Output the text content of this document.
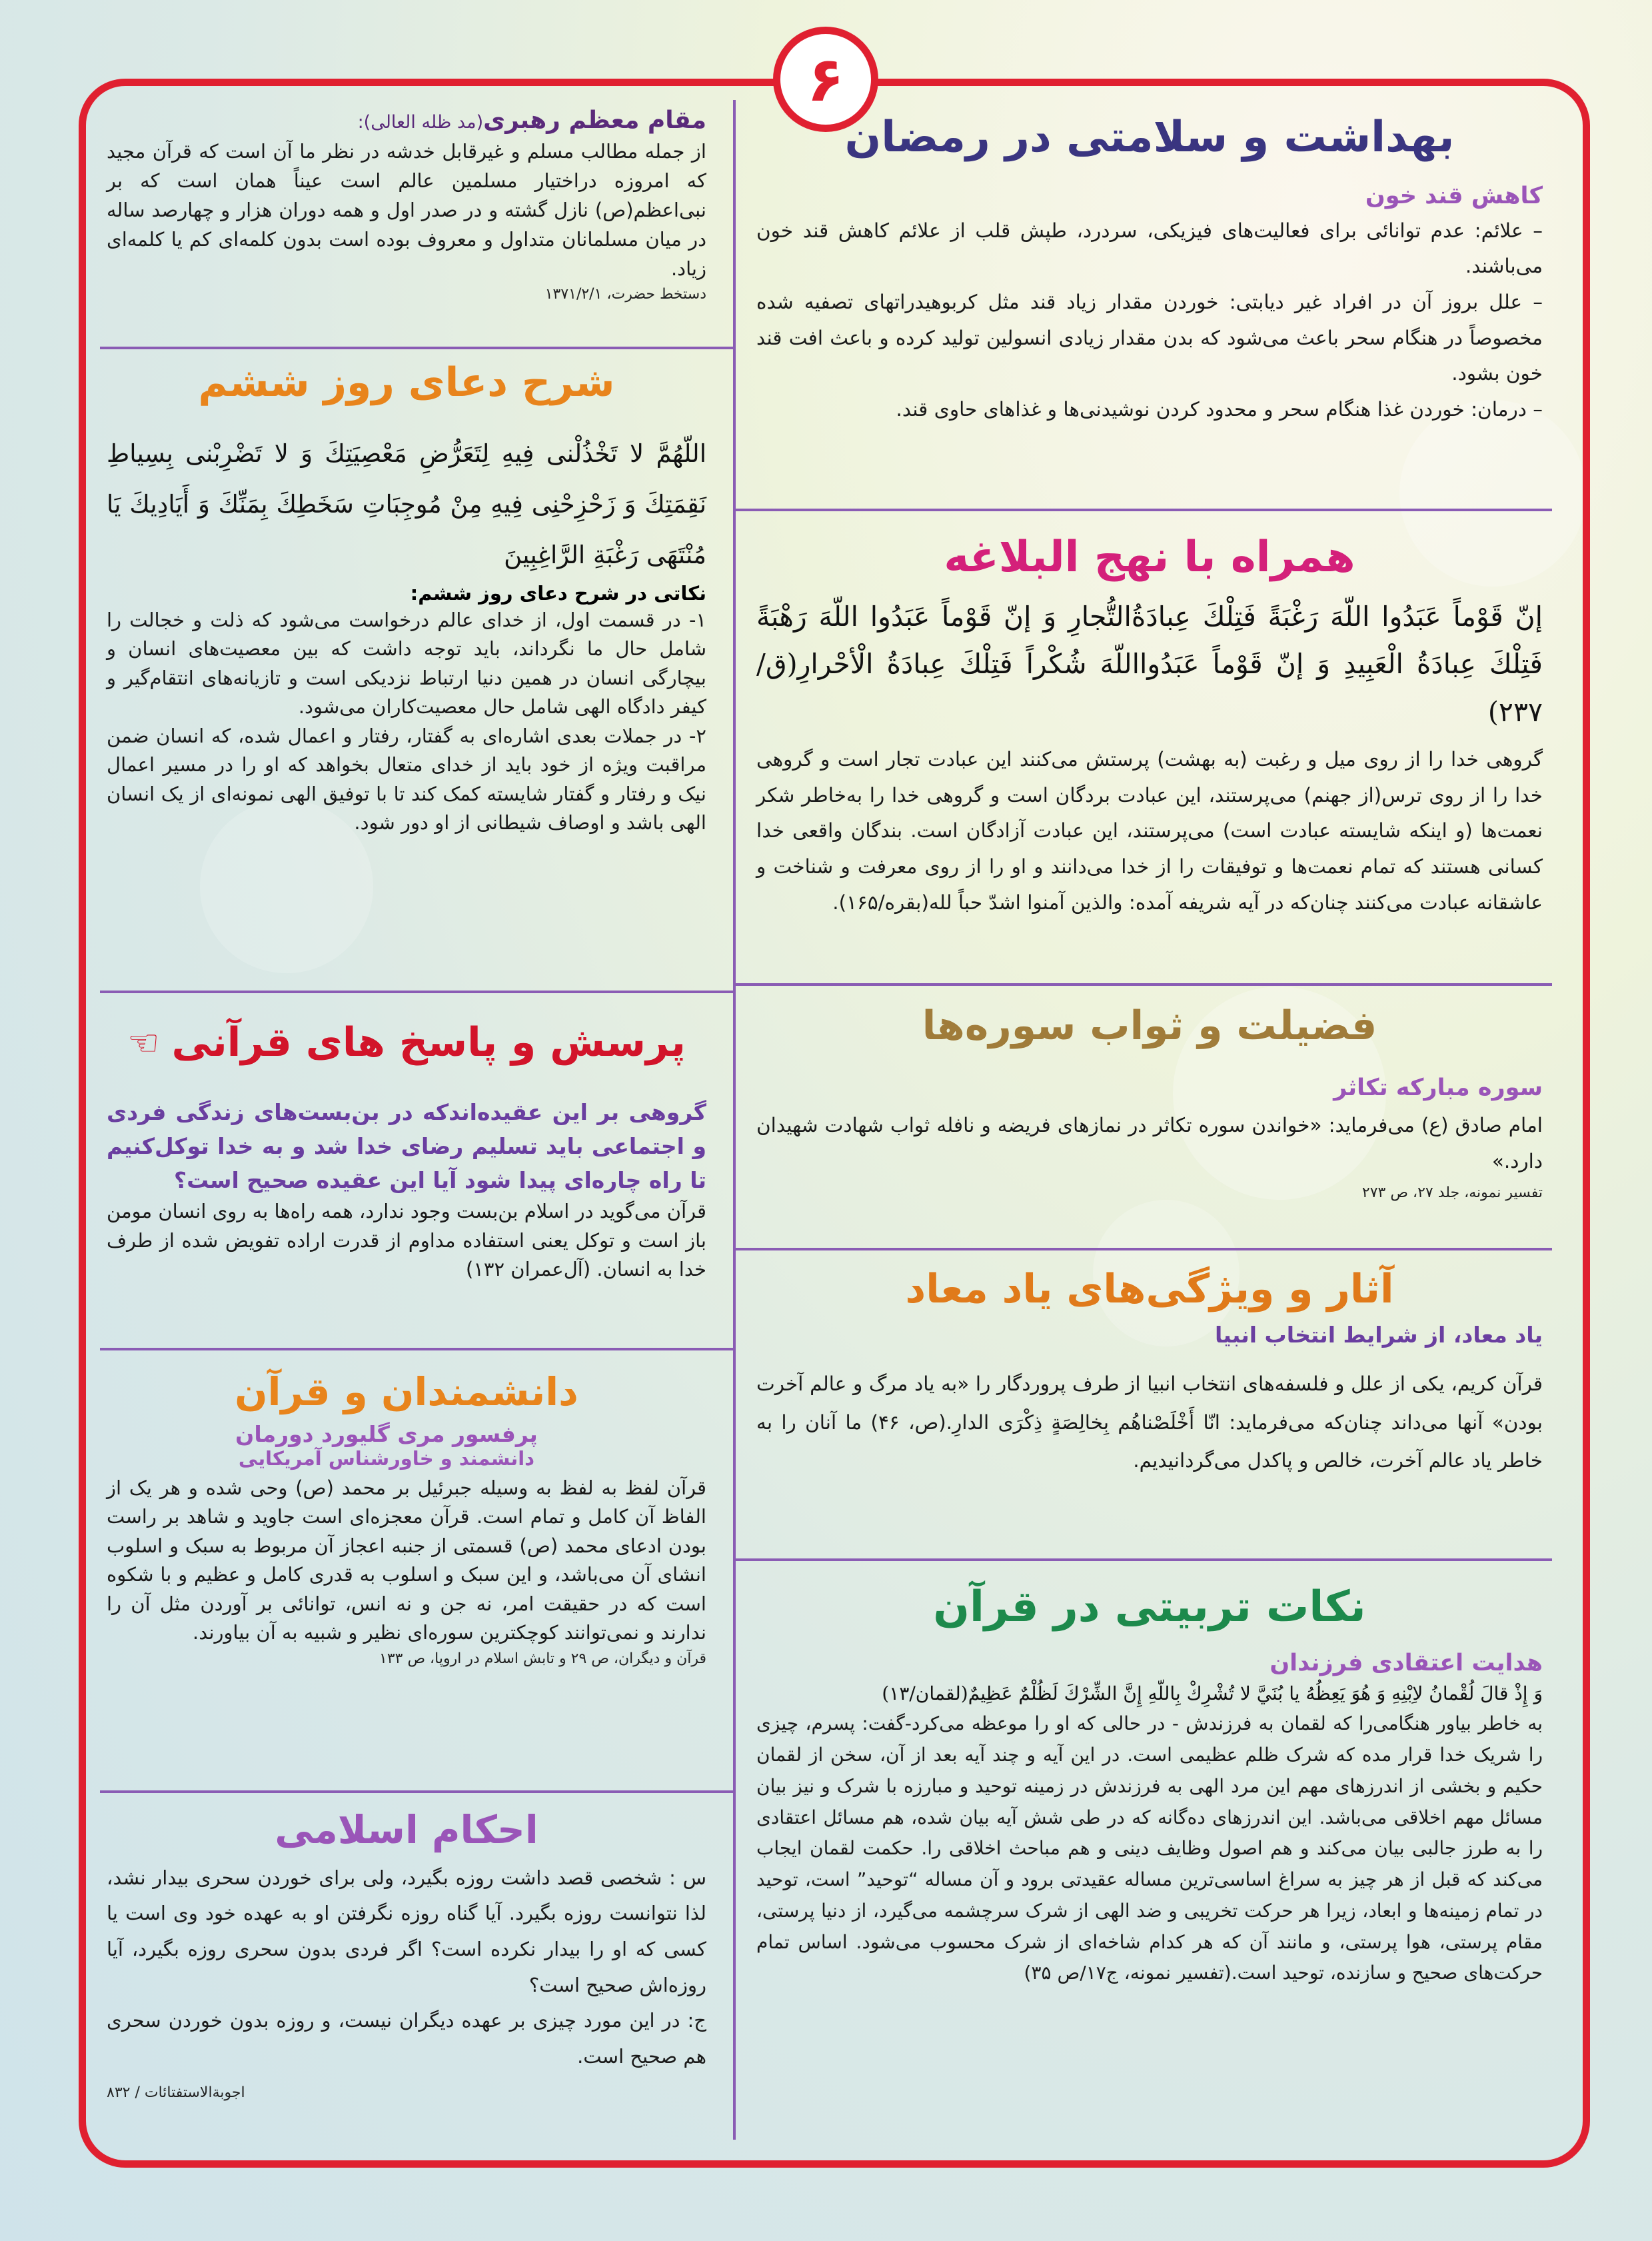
۶
بهداشت و سلامتی در رمضان
کاهش قند خون

– علائم: عدم توانائی برای فعالیت‌های فیزیکی، سردرد، طپش قلب از علائم کاهش قند خون می‌باشند.

– علل بروز آن در افراد غیر دیابتی: خوردن مقدار زیاد قند مثل کربوهیدراتهای تصفیه شده مخصوصاً در هنگام سحر باعث می‌شود که بدن مقدار زیادی انسولین تولید کرده و باعث افت قند خون بشود.

– درمان: خوردن غذا هنگام سحر و محدود کردن نوشیدنی‌ها و غذاهای حاوی قند.

همراه با نهج البلاغه
إنّ قَوْماً عَبَدُوا اللّهَ رَغْبَةً فَتِلْكَ عِبادَةُالتُّجارِ وَ إنّ قَوْماً عَبَدُوا اللّهَ رَهْبَةً فَتِلْكَ عِبادَةُ الْعَبِيدِ وَ إنّ قَوْماً عَبَدُوااللّهَ شُكْراً فَتِلْكَ عِبادَةُ الْأحْرارِ(ق/۲۳۷)
گروهی خدا را از روی میل و رغبت (به بهشت) پرستش می‌کنند این عبادت تجار است و گروهی خدا را از روی ترس(از جهنم) می‌پرستند، این عبادت بردگان است و گروهی خدا را به‌خاطر شکر نعمت‌ها (و اینکه شایسته عبادت است) می‌پرستند، این عبادت آزادگان است. بندگان واقعی خدا کسانی هستند که تمام نعمت‌ها و توفیقات را از خدا می‌دانند و او را از روی معرفت و شناخت و عاشقانه عبادت می‌کنند چنان‌که در آیه شریفه آمده: والذین آمنوا اشدّ حباً لله(بقره/۱۶۵).
فضیلت و ثواب سوره‌ها
سوره مبارکه تکاثر
امام صادق (ع) می‌فرماید: «خواندن سوره تکاثر در نمازهای فریضه و نافله ثواب شهادت شهیدان دارد.»
تفسیر نمونه، جلد ۲۷، ص ۲۷۳
آثار و ویژگی‌های یاد معاد
یاد معاد، از شرایط انتخاب انبیا
قرآن کریم، یکی از علل و فلسفه‌های انتخاب انبیا از طرف پروردگار را «به یاد مرگ و عالم آخرت بودن» آنها می‌داند چنان‌که می‌فرماید: انّا أَخْلَصْناهُم بِخالِصَةٍ ذِكْرَى الدارِ.(ص، ۴۶) ما آنان را به خاطر یاد عالم آخرت، خالص و پاکدل می‌گردانیدیم.
نکات تربیتی در قرآن
هدایت اعتقادی فرزندان
وَ إِذْ قالَ لُقْمانُ لاِبْنِهِ وَ هُوَ يَعِظُهُ يا بُنَيَّ لا تُشْرِكْ بِاللّهِ إِنَّ الشِّرْكَ لَظُلْمٌ عَظِيمٌ(لقمان/۱۳)
به خاطر بیاور هنگامی‌را که لقمان به فرزندش - در حالی که او را موعظه می‌کرد-گفت: پسرم، چیزی را شریک خدا قرار مده که شرک ظلم عظیمی است. در این آیه و چند آیه بعد از آن، سخن از لقمان حکیم و بخشی از اندرزهای مهم این مرد الهی به فرزندش در زمینه توحید و مبارزه با شرک و نیز بیان مسائل مهم اخلاقی می‌باشد. این اندرزهای ده‌گانه که در طی شش آیه بیان شده، هم مسائل اعتقادی را به طرز جالبی بیان می‌کند و هم اصول وظایف دینی و هم مباحث اخلاقی را. حکمت لقمان ایجاب می‌کند که قبل از هر چیز به سراغ اساسی‌ترین مساله عقیدتی برود و آن مساله “توحید” است، توحید در تمام زمینه‌ها و ابعاد، زیرا هر حرکت تخریبی و ضد الهی از شرک سرچشمه می‌گیرد، از دنیا پرستی، مقام پرستی، هوا پرستی، و مانند آن که هر کدام شاخه‌ای از شرک محسوب می‌شود. اساس تمام حرکت‌های صحیح و سازنده، توحید است.(تفسیر نمونه، ج۱۷/ص ۳۵)
مقام معظم رهبری(مد ظله العالی):
از جمله مطالب مسلم و غیرقابل خدشه در نظر ما آن است که قرآن مجید که امروزه دراختیار مسلمین عالم است عیناً همان است که بر نبی‌اعظم(ص) نازل گشته و در صدر اول و همه دوران هزار و چهارصد ساله در میان مسلمانان متداول و معروف بوده است بدون کلمه‌ای کم یا کلمه‌ای زیاد.
دستخط حضرت، ۱۳۷۱/۲/۱
شرح دعای روز ششم
اللّهُمَّ لا تَخْذُلْنی فِيهِ لِتَعَرُّضِ مَعْصِيَتِكَ وَ لا تَضْرِبْنی بِسِياطِ نَقِمَتِكَ وَ زَحْزِحْنِی فِيهِ مِنْ مُوجِبَاتِ سَخَطِكَ بِمَنِّكَ وَ أَيَادِيكَ يَا مُنْتَهَى رَغْبَةِ الرَّاغِبِينَ
نکاتی در شرح دعای روز ششم:

۱- در قسمت اول، از خدای عالم درخواست می‌شود که ذلت و خجالت را شامل حال ما نگرداند، باید توجه داشت که بین معصیت‌های انسان و بیچارگی انسان در همین دنیا ارتباط نزدیکی است و تازیانه‌های انتقام‌گیر و کیفر دادگاه الهی شامل حال معصیت‌کاران می‌شود.

۲- در جملات بعدی اشاره‌ای به گفتار، رفتار و اعمال شده، که انسان ضمن مراقبت ویژه از خود باید از خدای متعال بخواهد که او را در مسیر اعمال نیک و رفتار و گفتار شایسته کمک کند تا با توفیق الهی نمونه‌ای از یک انسان الهی باشد و اوصاف شیطانی از او دور شود.

پرسش و پاسخ های قرآنی
☜
گروهی بر این عقیده‌اندکه در بن‌بست‌های زندگی فردی و اجتماعی باید تسلیم رضای خدا شد و به خدا توکل‌کنیم تا راه چاره‌ای پیدا شود آیا این عقیده صحیح است؟
قرآن می‌گوید در اسلام بن‌بست وجود ندارد، همه راه‌ها به روی انسان مومن باز است و توکل یعنی استفاده مداوم از قدرت اراده تفویض شده از طرف خدا به انسان. (آل‌عمران ۱۳۲)
دانشمندان و قرآن
پرفسور مری گلیورد دورمان
دانشمند و خاورشناس آمریکایی
قرآن لفظ به لفظ به وسیله جبرئیل بر محمد (ص) وحی شده و هر یک از الفاظ آن کامل و تمام است. قرآن معجزه‌ای است جاوید و شاهد بر راست بودن ادعای محمد (ص) قسمتی از جنبه اعجاز آن مربوط به سبک و اسلوب انشای آن می‌باشد، و این سبک و اسلوب به قدری کامل و عظیم و با شکوه است که در حقیقت امر، نه جن و نه انس، توانائی بر آوردن مثل آن را ندارند و نمی‌توانند کوچکترین سوره‌ای نظیر و شبیه به آن بیاورند.
قرآن و دیگران، ص ۲۹ و تابش اسلام در اروپا، ص ۱۳۳
احکام اسلامی
س : شخصی قصد داشت روزه بگیرد، ولی برای خوردن سحری بیدار نشد، لذا نتوانست روزه بگیرد. آیا گناه روزه نگرفتن او به عهده خود وی است یا کسی که او را بیدار نکرده است؟ اگر فردی بدون سحری روزه بگیرد، آیا روزه‌اش صحیح است؟
ج: در این مورد چیزی بر عهده دیگران نیست، و روزه بدون خوردن سحری هم صحیح است.
اجوبة‌الاستفتائات / ۸۳۲
